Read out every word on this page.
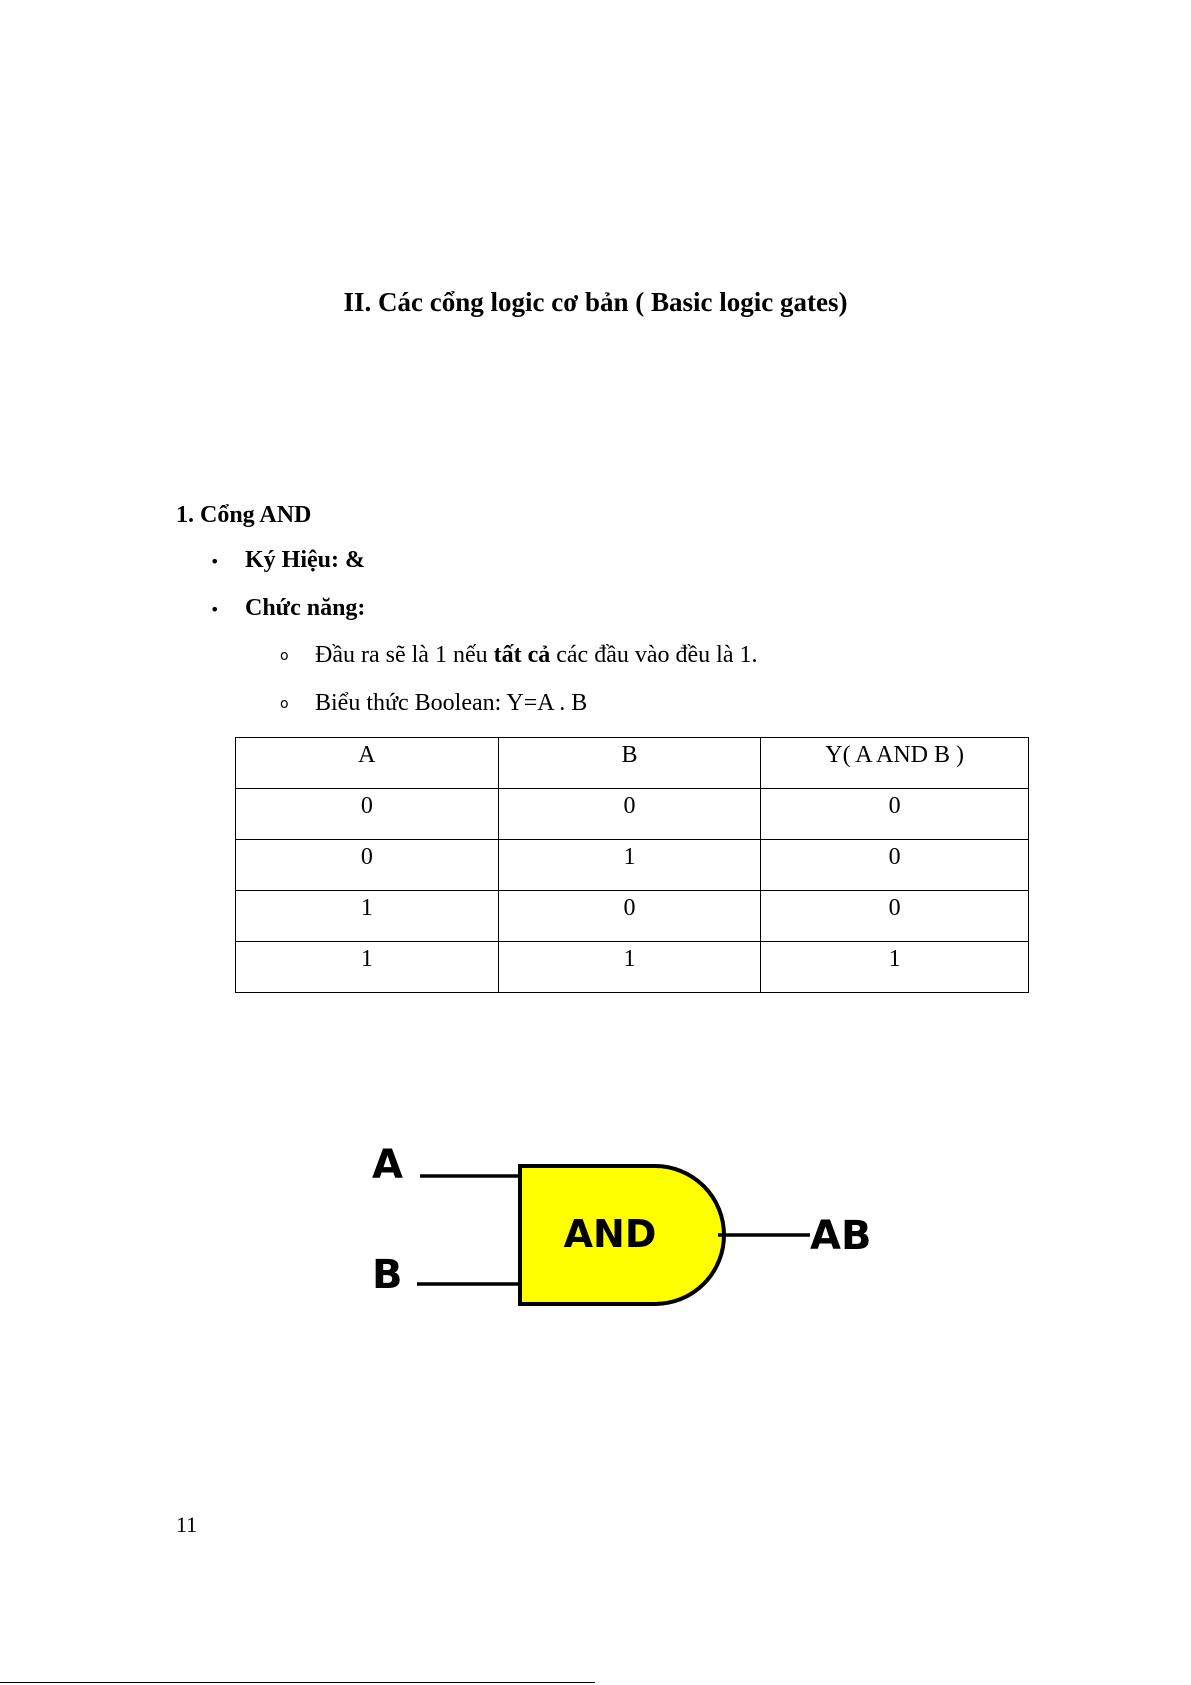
II. Các cổng logic cơ bản ( Basic logic gates)
1. Cổng AND

• Ký Hiệu: &

• Chức năng:

o Đầu ra sẽ là 1 nếu tất cả các đầu vào đều là 1.

o Biểu thức Boolean: Y=A . B

A	B	Y( A AND B )
0	0	0
0	1	0
1	0	0
1	1	1
A
B
AND	AB

11
